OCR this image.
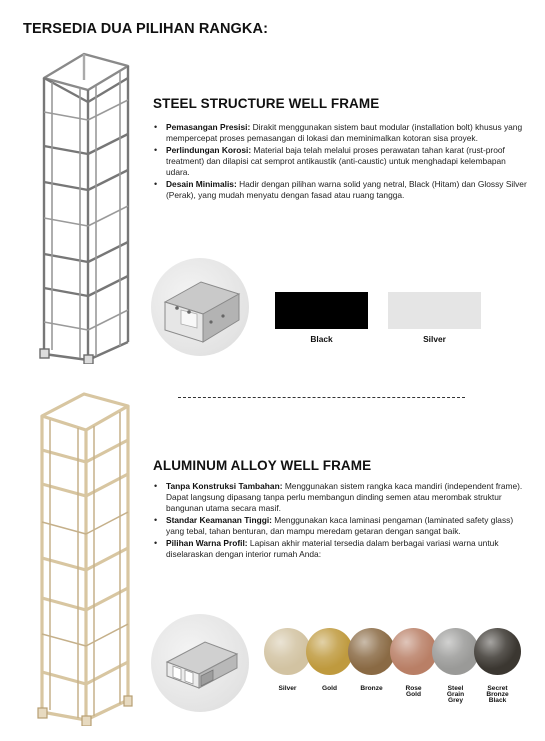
TERSEDIA DUA PILIHAN RANGKA:
STEEL STRUCTURE WELL FRAME
• Pemasangan Presisi: Dirakit menggunakan sistem baut modular (installation bolt) khusus yang mempercepat proses pemasangan di lokasi dan meminimalkan kotoran sisa proyek.
• Perlindungan Korosi: Material baja telah melalui proses perawatan tahan karat (rust-proof treatment) dan dilapisi cat semprot antikaustik (anti-caustic) untuk menghadapi kelembapan udara.
• Desain Minimalis: Hadir dengan pilihan warna solid yang netral, Black (Hitam) dan Glossy Silver (Perak), yang mudah menyatu dengan fasad atau ruang tangga.
Black	Silver
ALUMINUM ALLOY WELL FRAME
• Tanpa Konstruksi Tambahan: Menggunakan sistem rangka kaca mandiri (independent frame). Dapat langsung dipasang tanpa perlu membangun dinding semen atau merombak struktur bangunan utama secara masif.
• Standar Keamanan Tinggi: Menggunakan kaca laminasi pengaman (laminated safety glass) yang tebal, tahan benturan, dan mampu meredam getaran dengan sangat baik.
• Pilihan Warna Profil: Lapisan akhir material tersedia dalam berbagai variasi warna untuk diselaraskan dengan interior rumah Anda:
Silver	Gold	Bronze	Rose
Gold
Steel
Grain
Grey
Secret
Bronze
Black
